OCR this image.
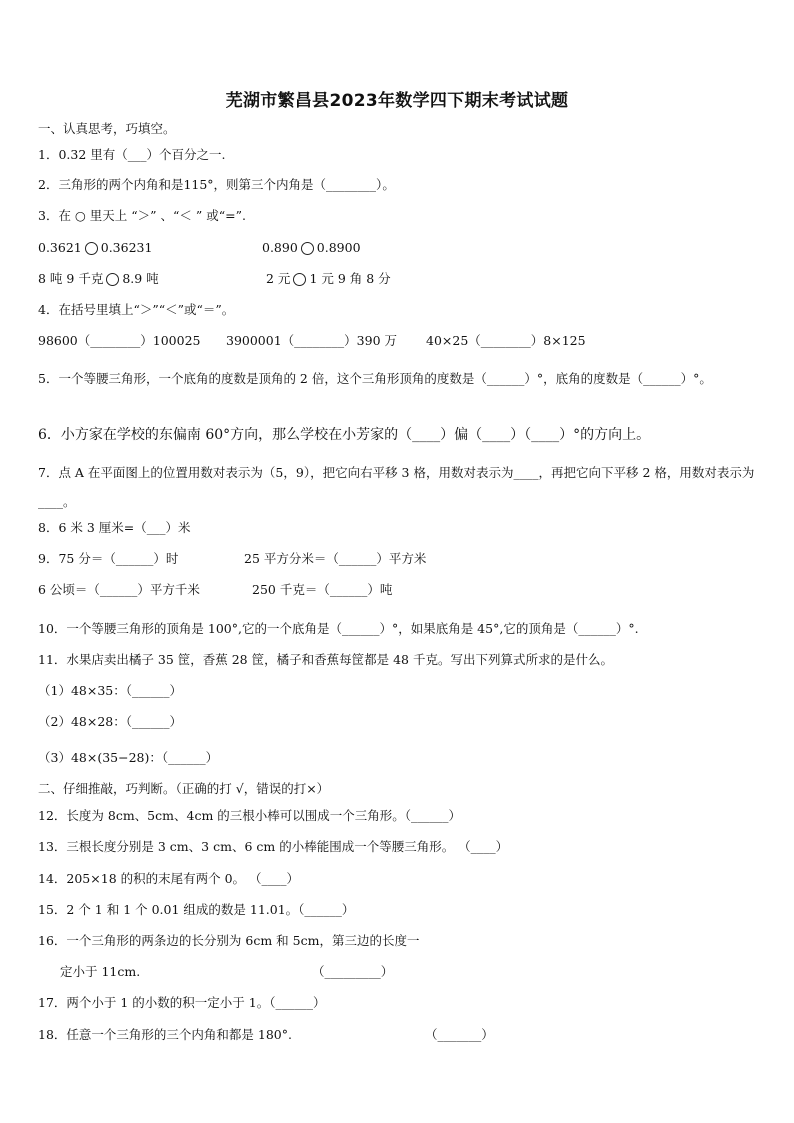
芜湖市繁昌县2023年数学四下期末考试试题
一、认真思考，巧填空。
1．0.32 里有（___）个百分之一.
2．三角形的两个内角和是115°，则第三个内角是（________）。
3．在 ○ 里天上 “＞” 、“＜ ” 或“=”.
0.3621 0.36231	0.890 0.8900
8 吨 9 千克 8.9 吨	2 元 1 元 9 角 8 分
4．在括号里填上“＞”“＜”或“＝”。
98600（________）100025 3900001（________）390 万 40×25（________）8×125
5．一个等腰三角形，一个底角的度数是顶角的 2 倍，这个三角形顶角的度数是（______）°，底角的度数是（______）°。
6．小方家在学校的东偏南 60°方向，那么学校在小芳家的（____）偏（____）（____）°的方向上。
7．点 A 在平面图上的位置用数对表示为（5，9），把它向右平移 3 格，用数对表示为____，再把它向下平移 2 格，用数对表示为____。
8．6 米 3 厘米=（___）米
9．75 分＝（______）时	25 平方分米＝（______）平方米
6 公顷＝（______）平方千米	250 千克＝（______）吨
10．一个等腰三角形的顶角是 100°,它的一个底角是（______）°，如果底角是 45°,它的顶角是（______）°.
11．水果店卖出橘子 35 筐，香蕉 28 筐，橘子和香蕉每筐都是 48 千克。写出下列算式所求的是什么。
（1）48×35：（______）
（2）48×28：（______）
（3）48×(35−28)：（______）
二、仔细推敲，巧判断。（正确的打 √，错误的打×）
12．长度为 8cm、5cm、4cm 的三根小棒可以围成一个三角形。（______）
13．三根长度分别是 3 cm、3 cm、6 cm 的小棒能围成一个等腰三角形。 （____）
14．205×18 的积的末尾有两个 0。 （____）
15．2 个 1 和 1 个 0.01 组成的数是 11.01。（______）
16．一个三角形的两条边的长分别为 6cm 和 5cm，第三边的长度一
定小于 11cm.	（_________）
17．两个小于 1 的小数的积一定小于 1。（______）
18．任意一个三角形的三个内角和都是 180°.	（_______）
